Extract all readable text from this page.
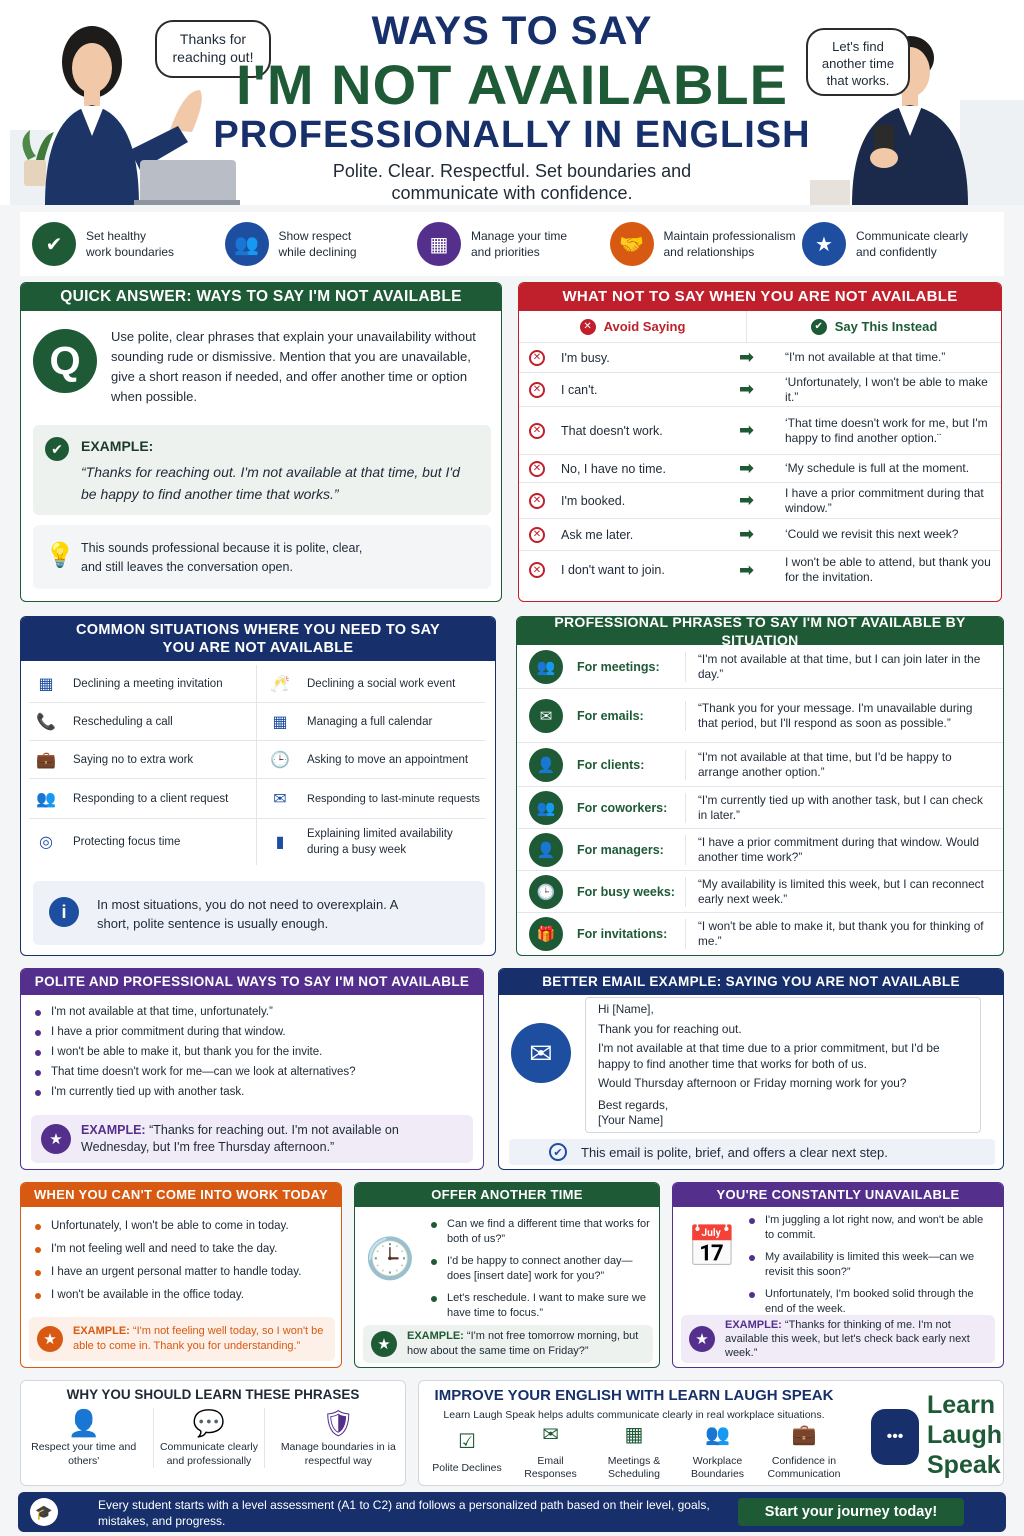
Thanks for reaching out!
Let's find another time that works.
WAYS TO SAY
I'M NOT AVAILABLE
PROFESSIONALLY IN ENGLISH
Polite. Clear. Respectful. Set boundaries and
communicate with confidence.
✔	Set healthy
work boundaries	👥	Show respect
while declining	▦	Manage your time
and priorities	🤝	Maintain professionalism
and relationships	★	Communicate clearly
and confidently
QUICK ANSWER: WAYS TO SAY I'M NOT AVAILABLE
Q
Use polite, clear phrases that explain your unavailability without sounding rude or dismissive. Mention that you are unavailable, give a short reason if needed, and offer another time or option when possible.
✔	EXAMPLE:
“Thanks for reaching out. I'm not available at that time, but I'd be happy to find another time that works.”
💡 This sounds professional because it is polite, clear, and still leaves the conversation open.
WHAT NOT TO SAY WHEN YOU ARE NOT AVAILABLE
✕ Avoid Saying	✔ Say This Instead
✕	I'm busy.	➡	“I'm not available at that time.”
✕	I can't.	➡	‘Unfortunately, I won't be able to make it.”
✕	That doesn't work.	➡	‘That time doesn't work for me, but I'm happy to find another option.¨
✕	No, I have no time.	➡	‘My schedule is full at the moment.
✕	I'm booked.	➡	I have a prior commitment during that window.”
✕	Ask me later.	➡	‘Could we revisit this next week?
✕	I don't want to join.	➡	I won't be able to attend, but thank you for the invitation.
COMMON SITUATIONS WHERE YOU NEED TO SAY
YOU ARE NOT AVAILABLE
▦ Declining a meeting invitation	🥂 Declining a social work event
📞 Rescheduling a call	▦ Managing a full calendar
💼 Saying no to extra work	🕒 Asking to move an appointment
👥 Responding to a client request	✉	Responding to last-minute requests
◎	Protecting focus time	▮	Explaining limited availability during a busy week
i	In most situations, you do not need to overexplain. A short, polite sentence is usually enough.
PROFESSIONAL PHRASES TO SAY I'M NOT AVAILABLE BY SITUATION
👥	For meetings:
“I'm not available at that time, but I can join later in the day.”
✉	For emails:
“Thank you for your message. I'm unavailable during that period, but I'll respond as soon as possible.”
👤	For clients:
“I'm not available at that time, but I'd be happy to arrange another option.”
👥	For coworkers:
“I'm currently tied up with another task, but I can check in later.”
👤	For managers:
“I have a prior commitment during that window. Would another time work?”
🕒	For busy weeks:
“My availability is limited this week, but I can reconnect early next week.”
🎁	For invitations:
“I won't be able to make it, but thank you for thinking of me.”
POLITE AND PROFESSIONAL WAYS TO SAY I'M NOT AVAILABLE
I'm not available at that time, unfortunately.”
I have a prior commitment during that window.
I won't be able to make it, but thank you for the invite.
That time doesn't work for me—can we look at alternatives?
I'm currently tied up with another task.
★
EXAMPLE: “Thanks for reaching out. I'm not available on Wednesday, but I'm free Thursday afternoon.”
BETTER EMAIL EXAMPLE: SAYING YOU ARE NOT AVAILABLE
✉
Hi [Name],
Thank you for reaching out.
I'm not available at that time due to a prior commitment, but I'd be happy to find another time that works for both of us.
Would Thursday afternoon or Friday morning work for you?
Best regards,
[Your Name]
✔	This email is polite, brief, and offers a clear next step.
WHEN YOU CAN'T COME INTO WORK TODAY
Unfortunately, I won't be able to come in today.
I'm not feeling well and need to take the day.
I have an urgent personal matter to handle today.
I won't be available in the office today.
★	EXAMPLE: “I'm not feeling well today, so I won't be able to come in. Thank you for understanding.”
OFFER ANOTHER TIME
🕒
Can we find a different time that works for both of us?”
I'd be happy to connect another day—does [insert date] work for you?”
Let's reschedule. I want to make sure we have time to focus.”
★	EXAMPLE: “I'm not free tomorrow morning, but how about the same time on Friday?”
YOU'RE CONSTANTLY UNAVAILABLE
📅
I'm juggling a lot right now, and won't be able to commit.
My availability is limited this week—can we revisit this soon?”
Unfortunately, I'm booked solid through the end of the week.
★
EXAMPLE: “Thanks for thinking of me. I'm not available this week, but let's check back early next week.”
WHY YOU SHOULD LEARN THESE PHRASES
👤
Respect your time and others'
💬
Communicate clearly and professionally
🛡
Manage boundaries in ia respectful way
IMPROVE YOUR ENGLISH WITH LEARN LAUGH SPEAK
Learn Laugh Speak helps adults communicate clearly in real workplace situations.
☑
Polite Declines
✉
Email Responses
▦
Meetings & Scheduling
👥
Workplace Boundaries
💼
Confidence in Communication
•••
Learn
Laugh
Speak
🎓	Every student starts with a level assessment (A1 to C2) and follows a personalized path based on their level, goals, mistakes, and progress.
Start your journey today!
